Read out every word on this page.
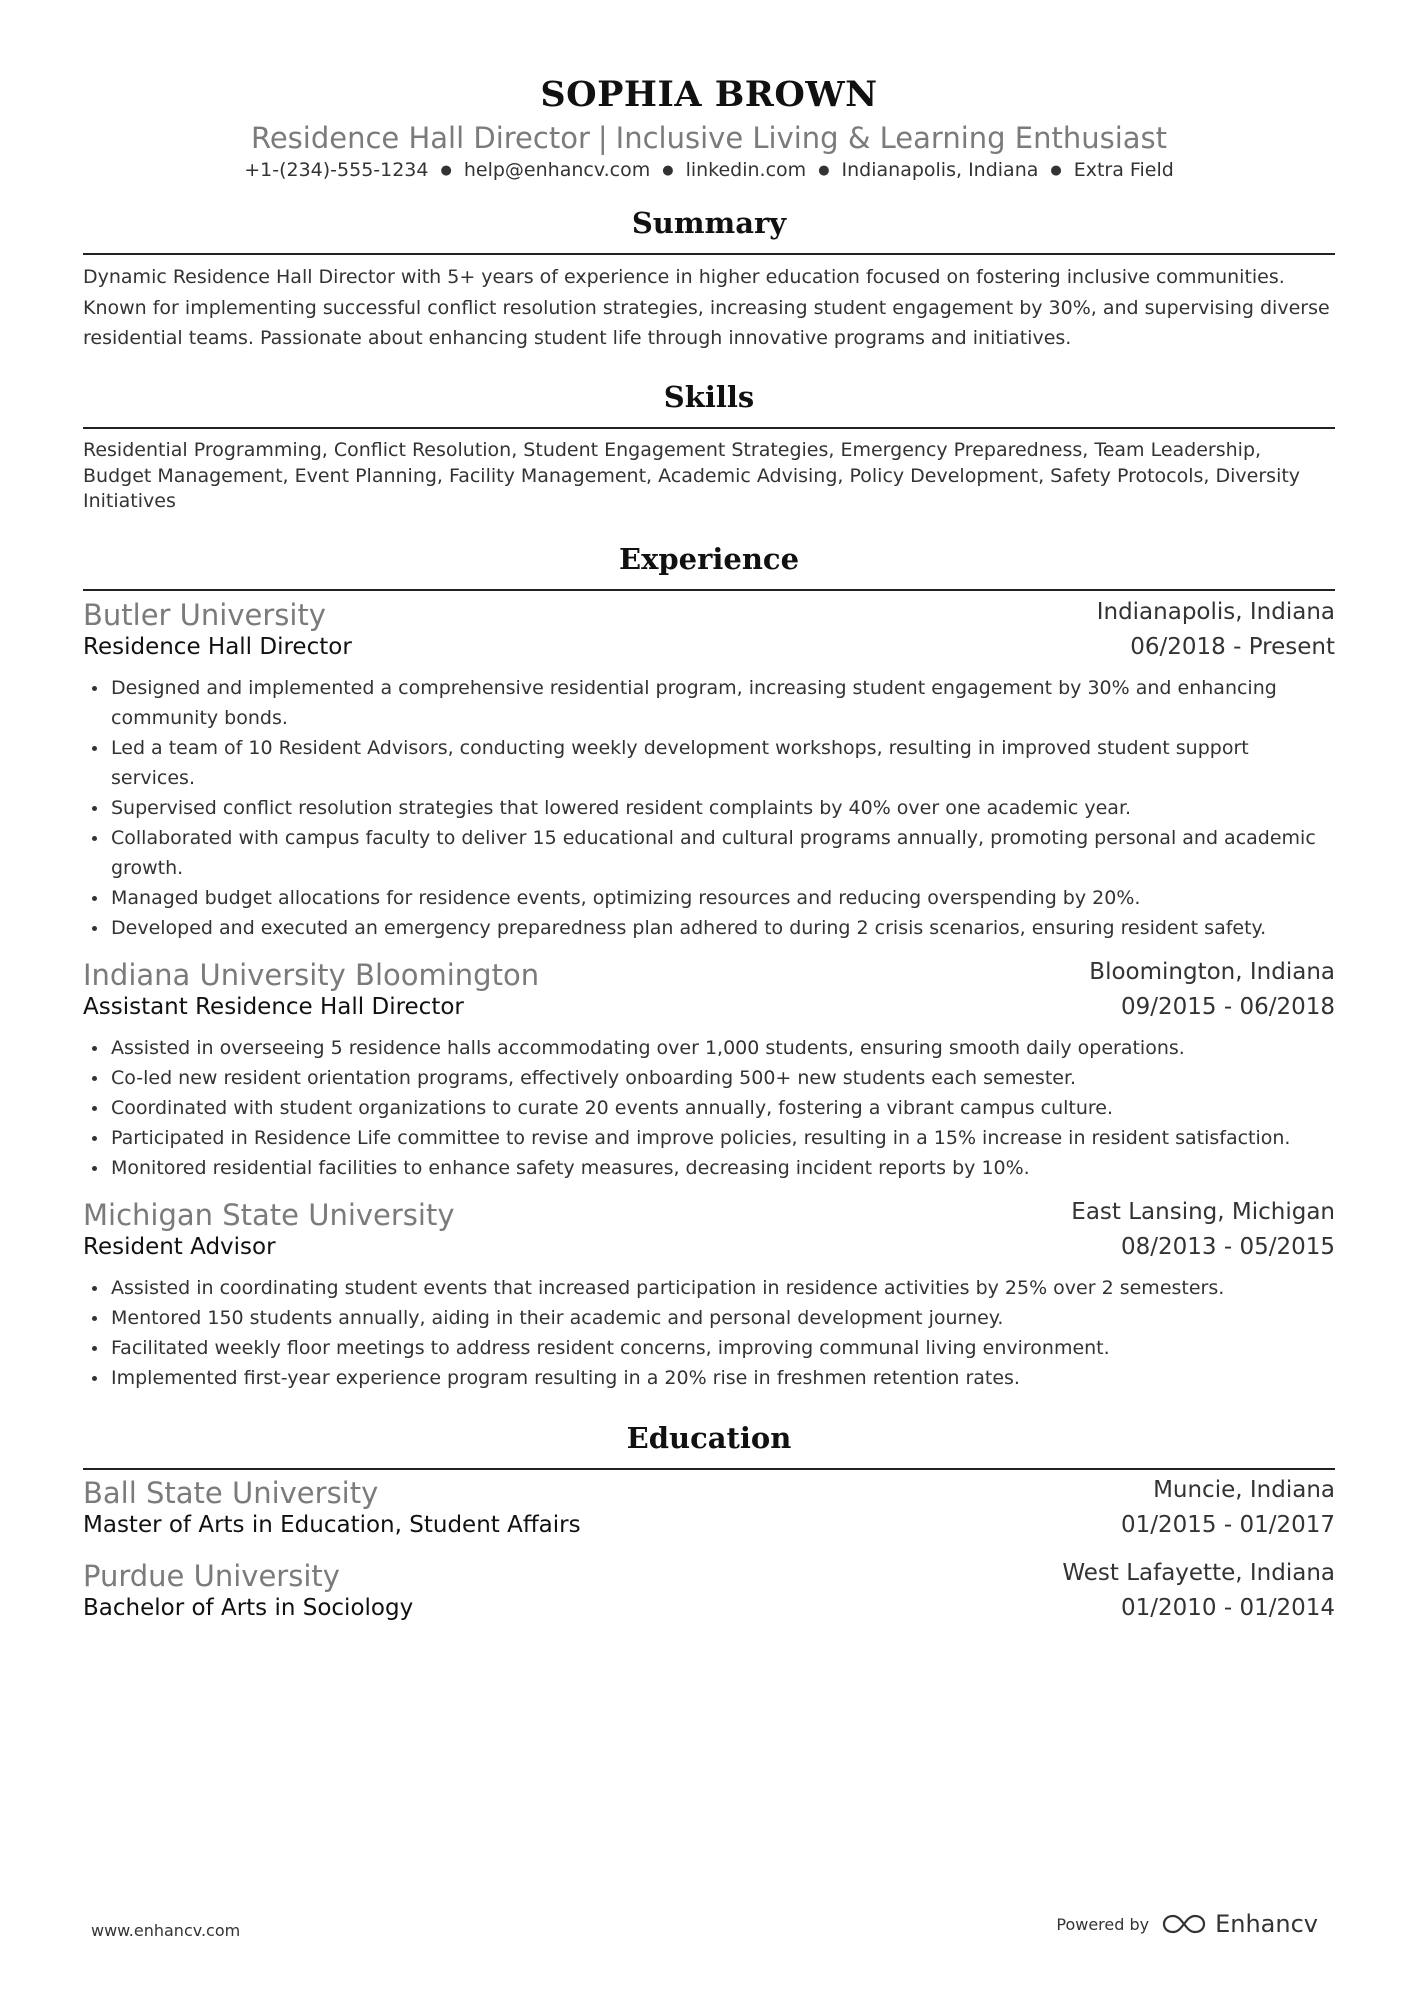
SOPHIA BROWN
Residence Hall Director | Inclusive Living & Learning Enthusiast
+1-(234)-555-1234 ● help@enhancv.com ● linkedin.com ● Indianapolis, Indiana ● Extra Field
Summary
Dynamic Residence Hall Director with 5+ years of experience in higher education focused on fostering inclusive communities. Known for implementing successful conflict resolution strategies, increasing student engagement by 30%, and supervising diverse residential teams. Passionate about enhancing student life through innovative programs and initiatives.
Skills
Residential Programming, Conflict Resolution, Student Engagement Strategies, Emergency Preparedness, Team Leadership, Budget Management, Event Planning, Facility Management, Academic Advising, Policy Development, Safety Protocols, Diversity Initiatives
Experience
Butler University	Indianapolis, Indiana
Residence Hall Director	06/2018 - Present
Designed and implemented a comprehensive residential program, increasing student engagement by 30% and enhancing community bonds.
Led a team of 10 Resident Advisors, conducting weekly development workshops, resulting in improved student support services.
Supervised conflict resolution strategies that lowered resident complaints by 40% over one academic year.
Collaborated with campus faculty to deliver 15 educational and cultural programs annually, promoting personal and academic growth.
Managed budget allocations for residence events, optimizing resources and reducing overspending by 20%.
Developed and executed an emergency preparedness plan adhered to during 2 crisis scenarios, ensuring resident safety.
Indiana University Bloomington	Bloomington, Indiana
Assistant Residence Hall Director	09/2015 - 06/2018
Assisted in overseeing 5 residence halls accommodating over 1,000 students, ensuring smooth daily operations.
Co-led new resident orientation programs, effectively onboarding 500+ new students each semester.
Coordinated with student organizations to curate 20 events annually, fostering a vibrant campus culture.
Participated in Residence Life committee to revise and improve policies, resulting in a 15% increase in resident satisfaction.
Monitored residential facilities to enhance safety measures, decreasing incident reports by 10%.
Michigan State University	East Lansing, Michigan
Resident Advisor	08/2013 - 05/2015
Assisted in coordinating student events that increased participation in residence activities by 25% over 2 semesters.
Mentored 150 students annually, aiding in their academic and personal development journey.
Facilitated weekly floor meetings to address resident concerns, improving communal living environment.
Implemented first-year experience program resulting in a 20% rise in freshmen retention rates.
Education
Ball State University	Muncie, Indiana
Master of Arts in Education, Student Affairs	01/2015 - 01/2017
Purdue University	West Lafayette, Indiana
Bachelor of Arts in Sociology	01/2010 - 01/2014
www.enhancv.com	Powered by	Enhancv
